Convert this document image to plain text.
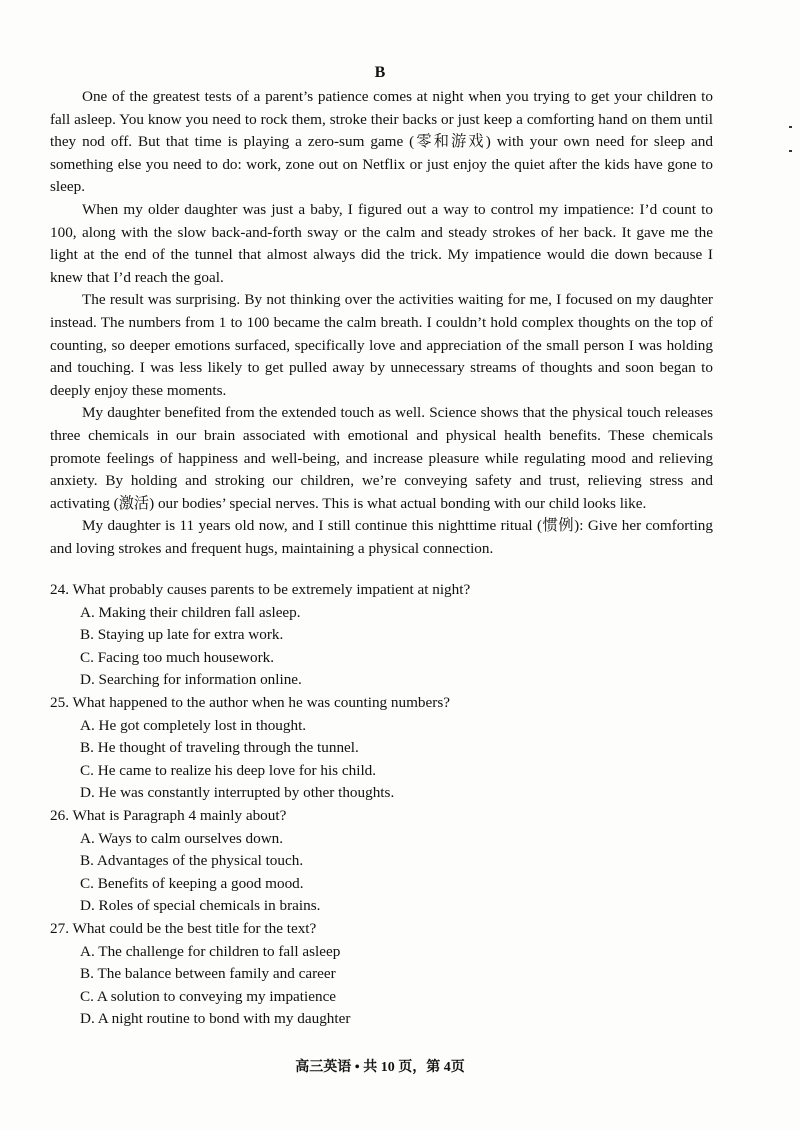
B

One of the greatest tests of a parent’s patience comes at night when you trying to get your children to fall asleep. You know you need to rock them, stroke their backs or just keep a comforting hand on them until they nod off. But that time is playing a zero-sum game (零和游戏) with your own need for sleep and something else you need to do: work, zone out on Netflix or just enjoy the quiet after the kids have gone to sleep.

When my older daughter was just a baby, I figured out a way to control my impatience: I’d count to 100, along with the slow back-and-forth sway or the calm and steady strokes of her back. It gave me the light at the end of the tunnel that almost always did the trick. My impatience would die down because I knew that I’d reach the goal.

The result was surprising. By not thinking over the activities waiting for me, I focused on my daughter instead. The numbers from 1 to 100 became the calm breath. I couldn’t hold complex thoughts on the top of counting, so deeper emotions surfaced, specifically love and appreciation of the small person I was holding and touching. I was less likely to get pulled away by unnecessary streams of thoughts and soon began to deeply enjoy these moments.

My daughter benefited from the extended touch as well. Science shows that the physical touch releases three chemicals in our brain associated with emotional and physical health benefits. These chemicals promote feelings of happiness and well-being, and increase pleasure while regulating mood and relieving anxiety. By holding and stroking our children, we’re conveying safety and trust, relieving stress and activating (激活) our bodies’ special nerves. This is what actual bonding with our child looks like.

My daughter is 11 years old now, and I still continue this nighttime ritual (惯例): Give her comforting and loving strokes and frequent hugs, maintaining a physical connection.

24. What probably causes parents to be extremely impatient at night?

A. Making their children fall asleep.

B. Staying up late for extra work.

C. Facing too much housework.

D. Searching for information online.

25. What happened to the author when he was counting numbers?

A. He got completely lost in thought.

B. He thought of traveling through the tunnel.

C. He came to realize his deep love for his child.

D. He was constantly interrupted by other thoughts.

26. What is Paragraph 4 mainly about?

A. Ways to calm ourselves down.

B. Advantages of the physical touch.

C. Benefits of keeping a good mood.

D. Roles of special chemicals in brains.

27. What could be the best title for the text?

A. The challenge for children to fall asleep

B. The balance between family and career

C. A solution to conveying my impatience

D. A night routine to bond with my daughter

高三英语 • 共 10 页，第 4页
